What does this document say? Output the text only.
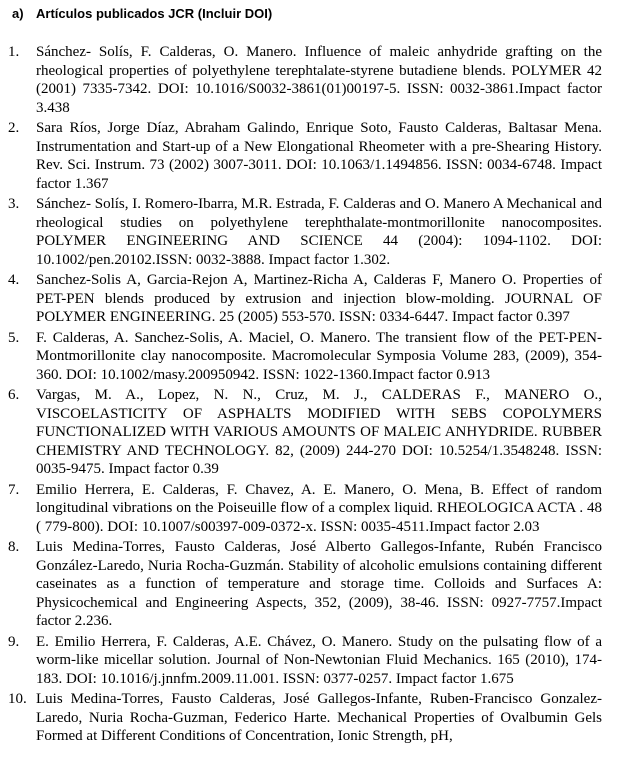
a) Artículos publicados JCR (Incluir DOI)

1.	Sánchez- Solís, F. Calderas, O. Manero. Influence of maleic anhydride grafting on the rheological properties of polyethylene terephtalate-styrene butadiene blends. POLYMER 42 (2001) 7335-7342. DOI: 10.1016/S0032-3861(01)00197-5. ISSN: 0032-3861.Impact factor 3.438
2.	Sara Ríos, Jorge Díaz, Abraham Galindo, Enrique Soto, Fausto Calderas, Baltasar Mena. Instrumentation and Start-up of a New Elongational Rheometer with a pre-Shearing History. Rev. Sci. Instrum. 73 (2002) 3007-3011. DOI: 10.1063/1.1494856. ISSN: 0034-6748. Impact factor 1.367
3.	Sánchez- Solís, I. Romero-Ibarra, M.R. Estrada, F. Calderas and O. Manero A Mechanical and rheological studies on polyethylene terephthalate-montmorillonite nanocomposites. POLYMER ENGINEERING AND SCIENCE 44 (2004): 1094-1102. DOI: 10.1002/pen.20102.ISSN: 0032-3888. Impact factor 1.302.
4.	Sanchez-Solis A, Garcia-Rejon A, Martinez-Richa A, Calderas F, Manero O. Properties of PET-PEN blends produced by extrusion and injection blow-molding. JOURNAL OF POLYMER ENGINEERING. 25 (2005) 553-570. ISSN: 0334-6447. Impact factor 0.397
5.	F. Calderas, A. Sanchez-Solis, A. Maciel, O. Manero. The transient flow of the PET-PEN-Montmorillonite clay nanocomposite. Macromolecular Symposia Volume 283, (2009), 354-360. DOI: 10.1002/masy.200950942. ISSN: 1022-1360.Impact factor 0.913
6.	Vargas, M. A., Lopez, N. N., Cruz, M. J., CALDERAS F., MANERO O., VISCOELASTICITY OF ASPHALTS MODIFIED WITH SEBS COPOLYMERS FUNCTIONALIZED WITH VARIOUS AMOUNTS OF MALEIC ANHYDRIDE. RUBBER CHEMISTRY AND TECHNOLOGY. 82, (2009) 244-270 DOI: 10.5254/1.3548248. ISSN: 0035-9475. Impact factor 0.39
7.	Emilio Herrera, E. Calderas, F. Chavez, A. E. Manero, O. Mena, B. Effect of random longitudinal vibrations on the Poiseuille flow of a complex liquid. RHEOLOGICA ACTA . 48 ( 779-800). DOI: 10.1007/s00397-009-0372-x. ISSN: 0035-4511.Impact factor 2.03
8.	Luis Medina-Torres, Fausto Calderas, José Alberto Gallegos-Infante, Rubén Francisco González-Laredo, Nuria Rocha-Guzmán. Stability of alcoholic emulsions containing different caseinates as a function of temperature and storage time. Colloids and Surfaces A: Physicochemical and Engineering Aspects, 352, (2009), 38-46. ISSN: 0927-7757.Impact factor 2.236.
9.	E. Emilio Herrera, F. Calderas, A.E. Chávez, O. Manero. Study on the pulsating flow of a worm-like micellar solution. Journal of Non-Newtonian Fluid Mechanics. 165 (2010), 174-183. DOI: 10.1016/j.jnnfm.2009.11.001. ISSN: 0377-0257. Impact factor 1.675
10. Luis Medina-Torres, Fausto Calderas, José Gallegos-Infante, Ruben-Francisco Gonzalez-Laredo, Nuria Rocha-Guzman, Federico Harte. Mechanical Properties of Ovalbumin Gels Formed at Different Conditions of Concentration, Ionic Strength, pH,
